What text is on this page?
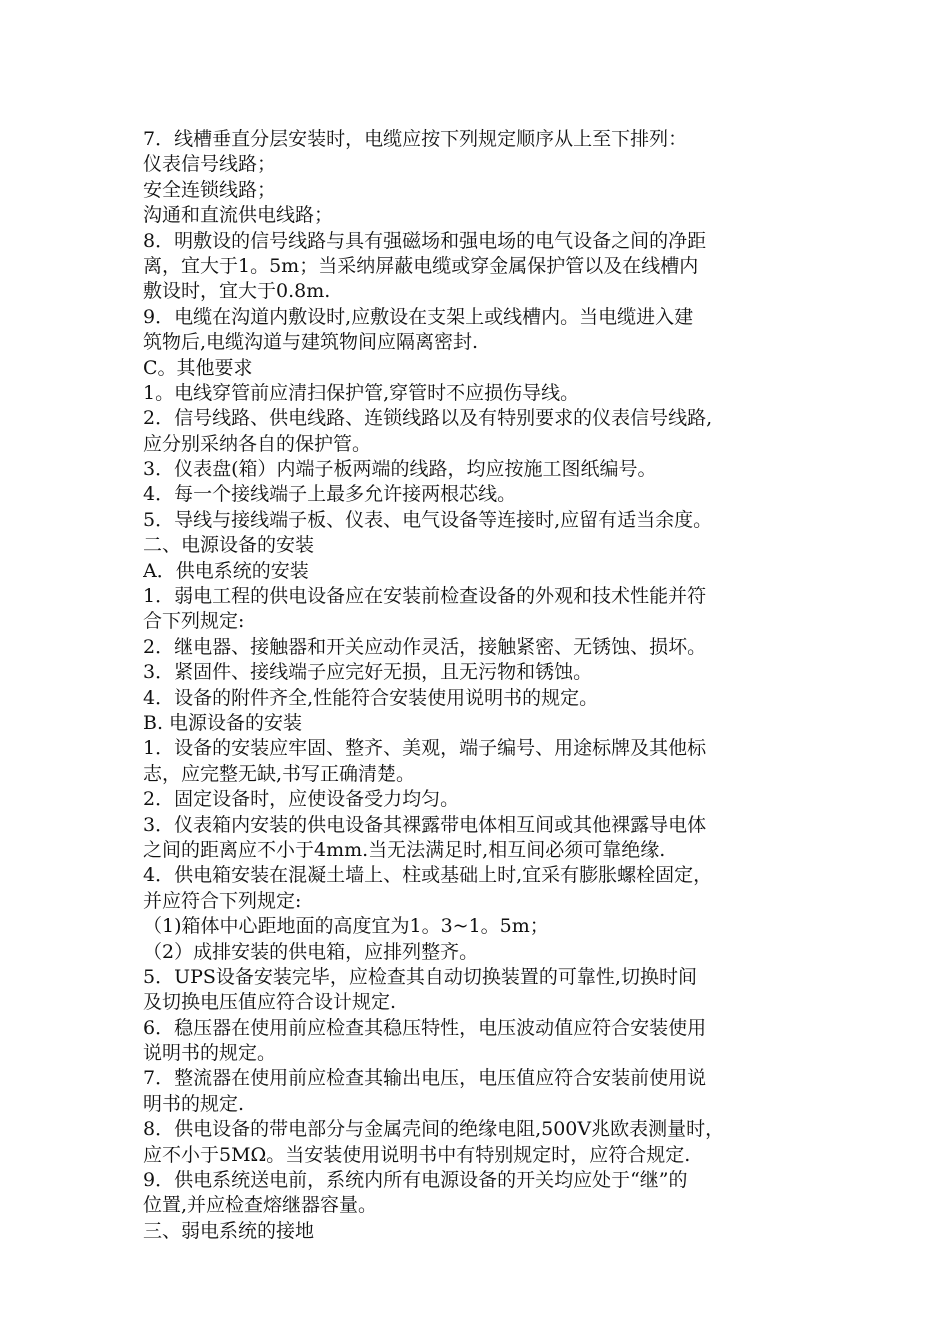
7．线槽垂直分层安装时，电缆应按下列规定顺序从上至下排列：
仪表信号线路；
安全连锁线路；
沟通和直流供电线路；
8．明敷设的信号线路与具有强磁场和强电场的电气设备之间的净距
离，宜大于1。5m；当采纳屏蔽电缆或穿金属保护管以及在线槽内
敷设时，宜大于0.8m.
9．电缆在沟道内敷设时,应敷设在支架上或线槽内。当电缆进入建
筑物后,电缆沟道与建筑物间应隔离密封.
C。其他要求
1。电线穿管前应清扫保护管,穿管时不应损伤导线。
2．信号线路、供电线路、连锁线路以及有特别要求的仪表信号线路,
应分别采纳各自的保护管。
3．仪表盘(箱）内端子板两端的线路，均应按施工图纸编号。
4．每一个接线端子上最多允许接两根芯线。
5．导线与接线端子板、仪表、电气设备等连接时,应留有适当余度。
二、电源设备的安装
A．供电系统的安装
1．弱电工程的供电设备应在安装前检查设备的外观和技术性能并符
合下列规定:
2．继电器、接触器和开关应动作灵活，接触紧密、无锈蚀、损坏。
3．紧固件、接线端子应完好无损，且无污物和锈蚀。
4．设备的附件齐全,性能符合安装使用说明书的规定。
B. 电源设备的安装
1．设备的安装应牢固、整齐、美观，端子编号、用途标牌及其他标
志，应完整无缺,书写正确清楚。
2．固定设备时，应使设备受力均匀。
3．仪表箱内安装的供电设备其裸露带电体相互间或其他裸露导电体
之间的距离应不小于4mm.当无法满足时,相互间必须可靠绝缘.
4．供电箱安装在混凝土墙上、柱或基础上时,宜采有膨胀螺栓固定，
并应符合下列规定:
（1)箱体中心距地面的高度宜为1。3~1。5m；
（2）成排安装的供电箱，应排列整齐。
5．UPS设备安装完毕，应检查其自动切换装置的可靠性,切换时间
及切换电压值应符合设计规定.
6．稳压器在使用前应检查其稳压特性，电压波动值应符合安装使用
说明书的规定。
7．整流器在使用前应检查其输出电压，电压值应符合安装前使用说
明书的规定.
8．供电设备的带电部分与金属壳间的绝缘电阻,500V兆欧表测量时，
应不小于5MΩ。当安装使用说明书中有特别规定时，应符合规定.
9．供电系统送电前，系统内所有电源设备的开关均应处于“继”的
位置,并应检查熔继器容量。
三、弱电系统的接地
